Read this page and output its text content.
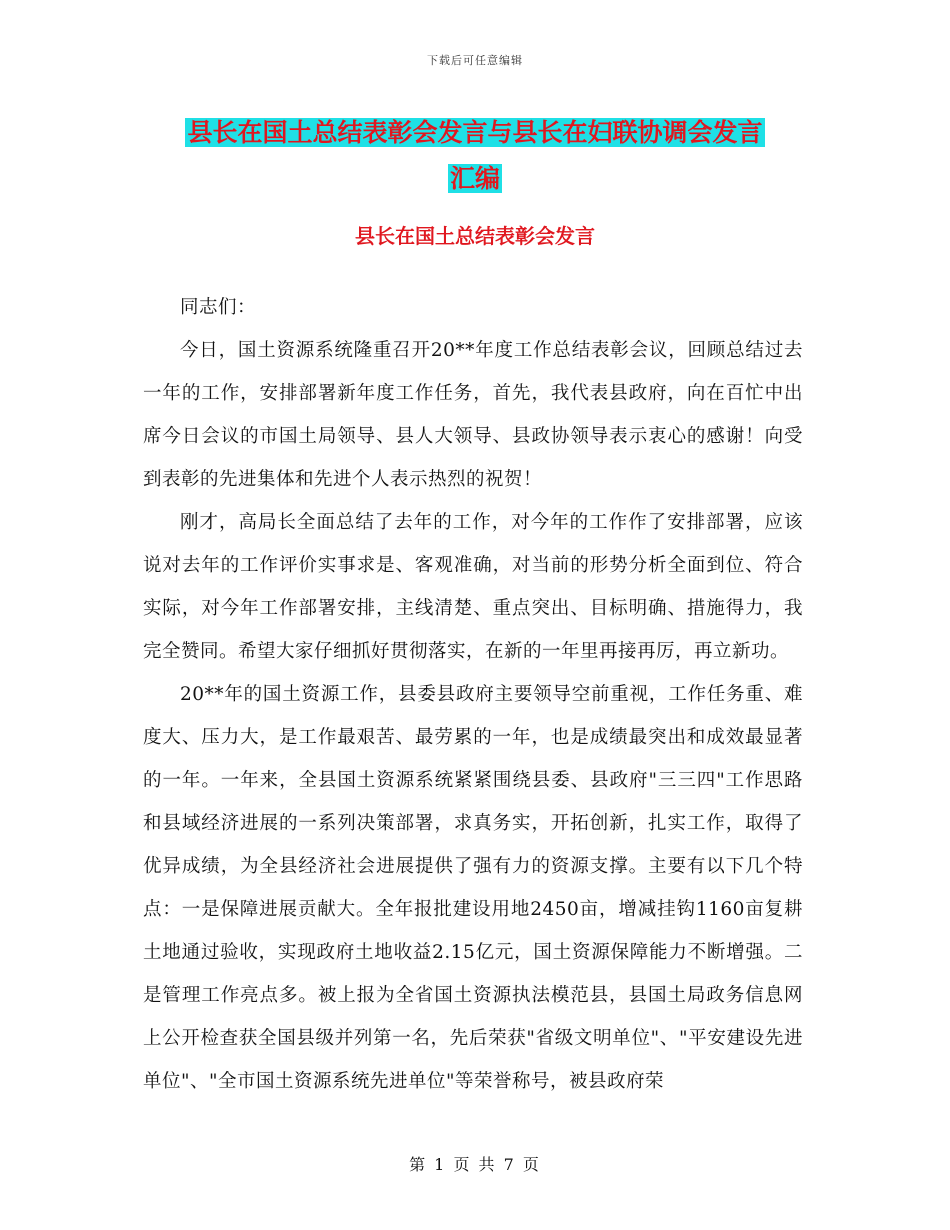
下载后可任意编辑
县长在国土总结表彰会发言与县长在妇联协调会发言
汇编
县长在国土总结表彰会发言

同志们：

今日，国土资源系统隆重召开20**年度工作总结表彰会议，回顾总结过去一年的工作，安排部署新年度工作任务，首先，我代表县政府，向在百忙中出席今日会议的市国土局领导、县人大领导、县政协领导表示衷心的感谢！向受到表彰的先进集体和先进个人表示热烈的祝贺！

刚才，高局长全面总结了去年的工作，对今年的工作作了安排部署，应该说对去年的工作评价实事求是、客观准确，对当前的形势分析全面到位、符合实际，对今年工作部署安排，主线清楚、重点突出、目标明确、措施得力，我完全赞同。希望大家仔细抓好贯彻落实，在新的一年里再接再厉，再立新功。

20**年的国土资源工作，县委县政府主要领导空前重视，工作任务重、难度大、压力大，是工作最艰苦、最劳累的一年，也是成绩最突出和成效最显著的一年。一年来，全县国土资源系统紧紧围绕县委、县政府"三三四"工作思路和县域经济进展的一系列决策部署，求真务实，开拓创新，扎实工作，取得了优异成绩，为全县经济社会进展提供了强有力的资源支撑。主要有以下几个特点：一是保障进展贡献大。全年报批建设用地2450亩，增减挂钩1160亩复耕土地通过验收，实现政府土地收益2.15亿元，国土资源保障能力不断增强。二是管理工作亮点多。被上报为全省国土资源执法模范县，县国土局政务信息网上公开检查获全国县级并列第一名，先后荣获"省级文明单位"、"平安建设先进单位"、"全市国土资源系统先进单位"等荣誉称号，被县政府荣

第 1 页 共 7 页
